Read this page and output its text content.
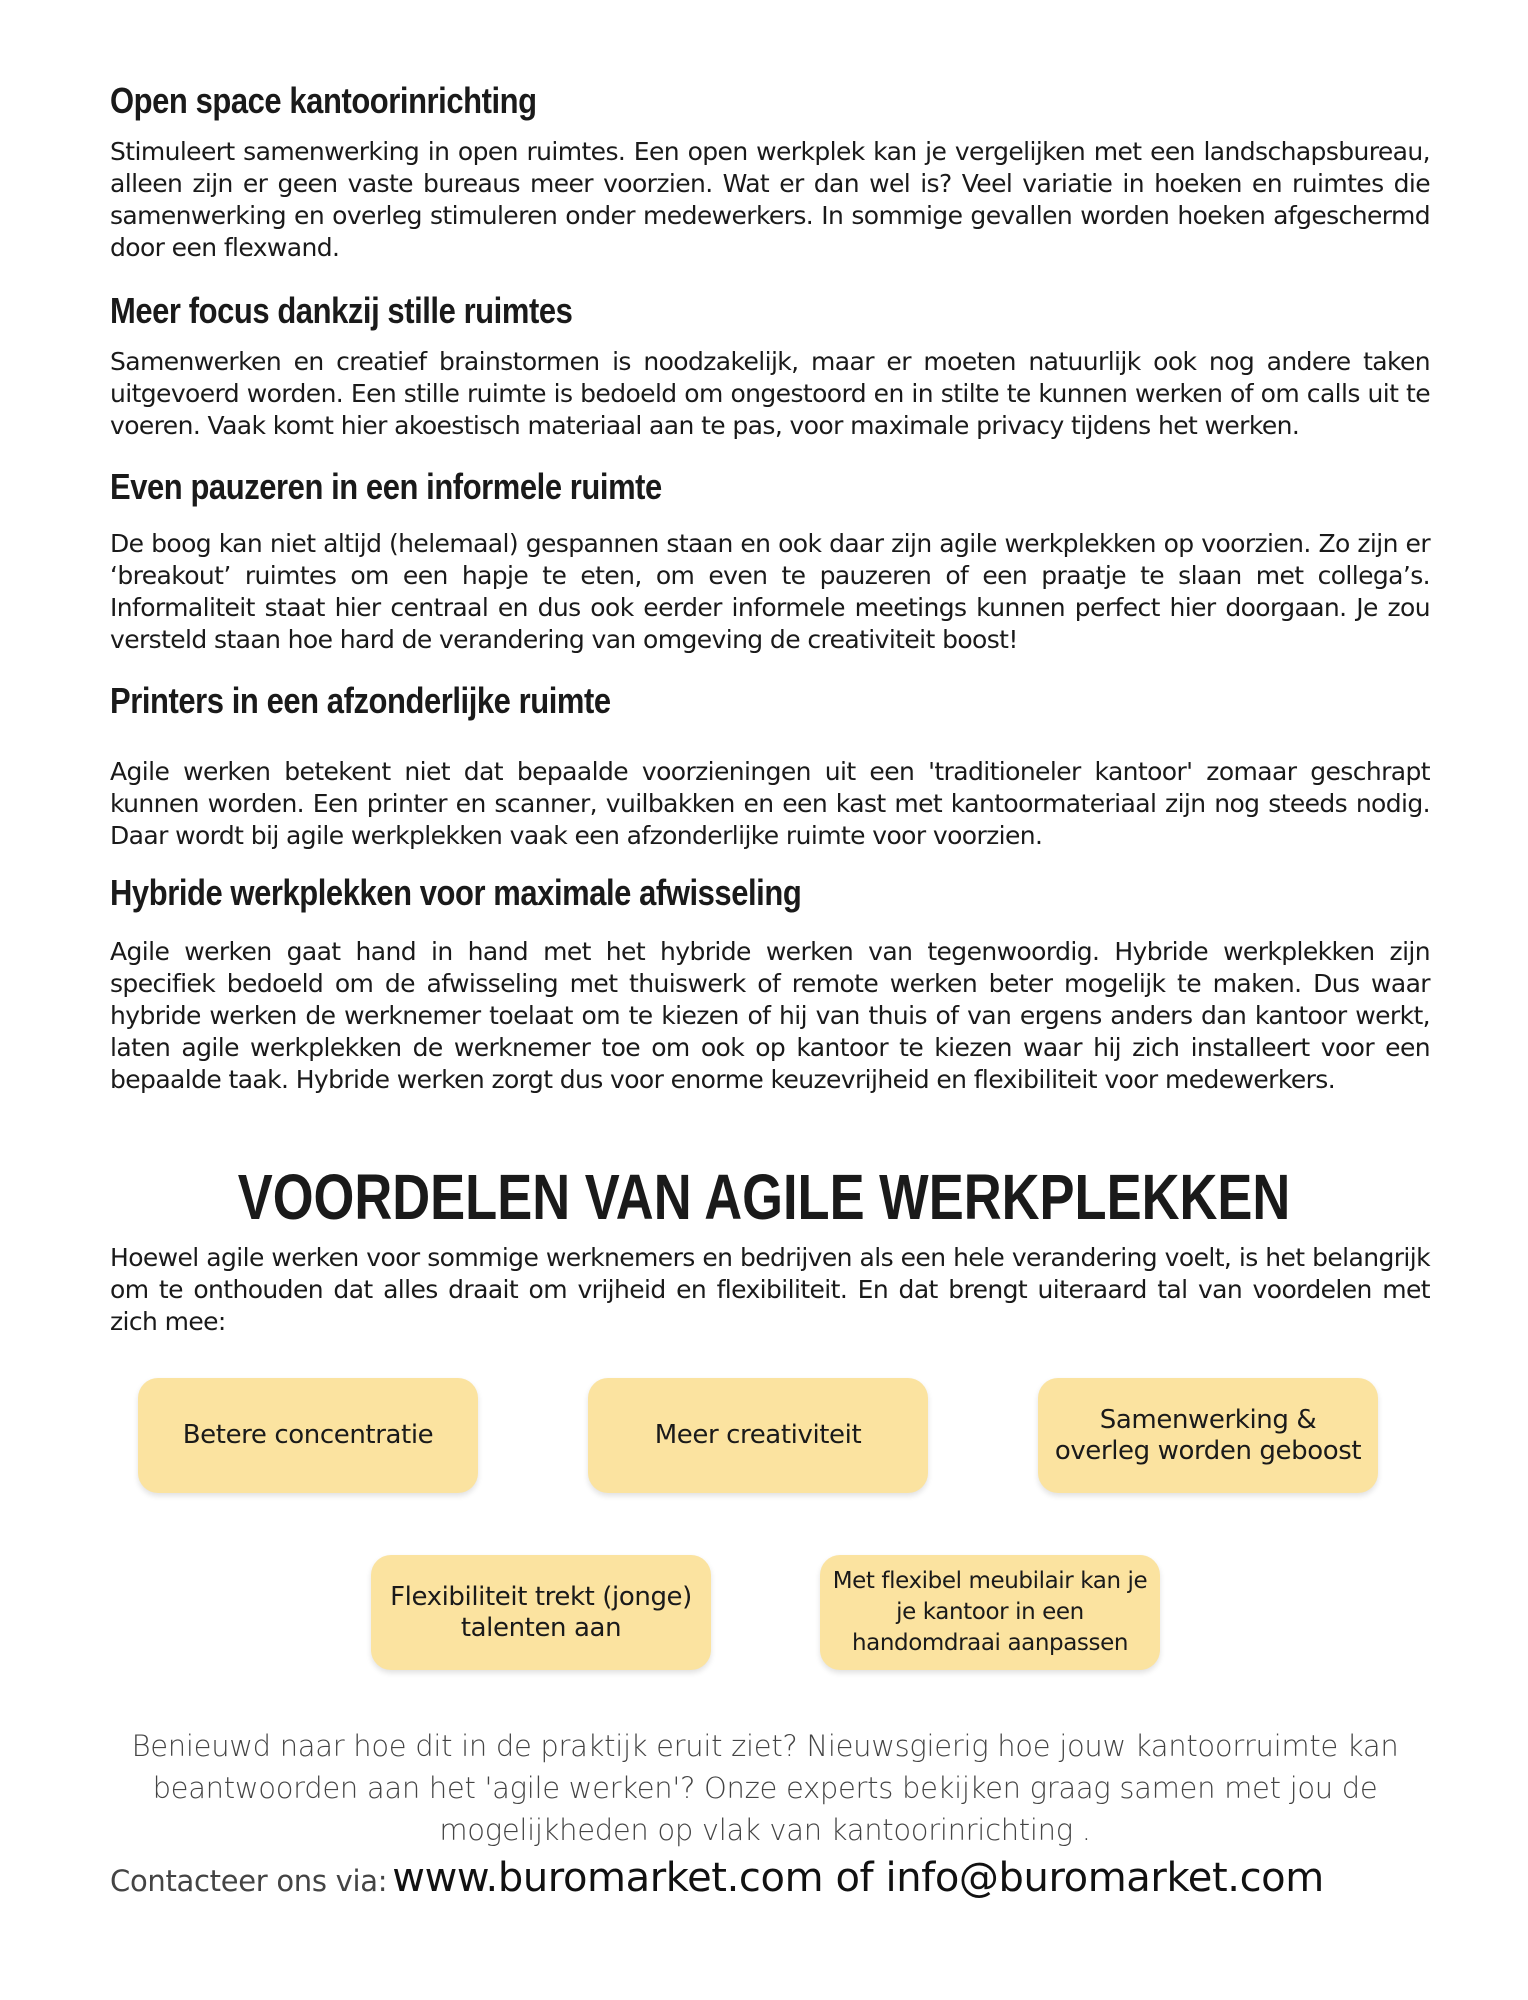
Open space kantoorinrichting

Stimuleert samenwerking in open ruimtes. Een open werkplek kan je vergelijken met een landschapsbureau, alleen zijn er geen vaste bureaus meer voorzien. Wat er dan wel is? Veel variatie in hoeken en ruimtes die samenwerking en overleg stimuleren onder medewerkers. In sommige gevallen worden hoeken afgeschermd door een flexwand.

Meer focus dankzij stille ruimtes

Samenwerken en creatief brainstormen is noodzakelijk, maar er moeten natuurlijk ook nog andere taken uitgevoerd worden. Een stille ruimte is bedoeld om ongestoord en in stilte te kunnen werken of om calls uit te voeren. Vaak komt hier akoestisch materiaal aan te pas, voor maximale privacy tijdens het werken.

Even pauzeren in een informele ruimte

De boog kan niet altijd (helemaal) gespannen staan en ook daar zijn agile werkplekken op voorzien. Zo zijn er ‘breakout’ ruimtes om een hapje te eten, om even te pauzeren of een praatje te slaan met collega’s. Informaliteit staat hier centraal en dus ook eerder informele meetings kunnen perfect hier doorgaan. Je zou versteld staan hoe hard de verandering van omgeving de creativiteit boost!

Printers in een afzonderlijke ruimte

Agile werken betekent niet dat bepaalde voorzieningen uit een 'traditioneler kantoor' zomaar geschrapt kunnen worden. Een printer en scanner, vuilbakken en een kast met kantoormateriaal zijn nog steeds nodig. Daar wordt bij agile werkplekken vaak een afzonderlijke ruimte voor voorzien.

Hybride werkplekken voor maximale afwisseling

Agile werken gaat hand in hand met het hybride werken van tegenwoordig. Hybride werkplekken zijn specifiek bedoeld om de afwisseling met thuiswerk of remote werken beter mogelijk te maken. Dus waar hybride werken de werknemer toelaat om te kiezen of hij van thuis of van ergens anders dan kantoor werkt, laten agile werkplekken de werknemer toe om ook op kantoor te kiezen waar hij zich installeert voor een bepaalde taak. Hybride werken zorgt dus voor enorme keuzevrijheid en flexibiliteit voor medewerkers.

VOORDELEN VAN AGILE WERKPLEKKEN

Hoewel agile werken voor sommige werknemers en bedrijven als een hele verandering voelt, is het belangrijk om te onthouden dat alles draait om vrijheid en flexibiliteit. En dat brengt uiteraard tal van voordelen met zich mee:

Betere concentratie	Meer creativiteit
Samenwerking & overleg worden geboost
Flexibiliteit trekt (jonge) talenten aan
Met flexibel meubilair kan je je kantoor in een handomdraai aanpassen

Benieuwd naar hoe dit in de praktijk eruit ziet? Nieuwsgierig hoe jouw kantoorruimte kan beantwoorden aan het 'agile werken'? Onze experts bekijken graag samen met jou de mogelijkheden op vlak van kantoorinrichting .

Contacteer ons via: www.buromarket.com of info@buromarket.com
